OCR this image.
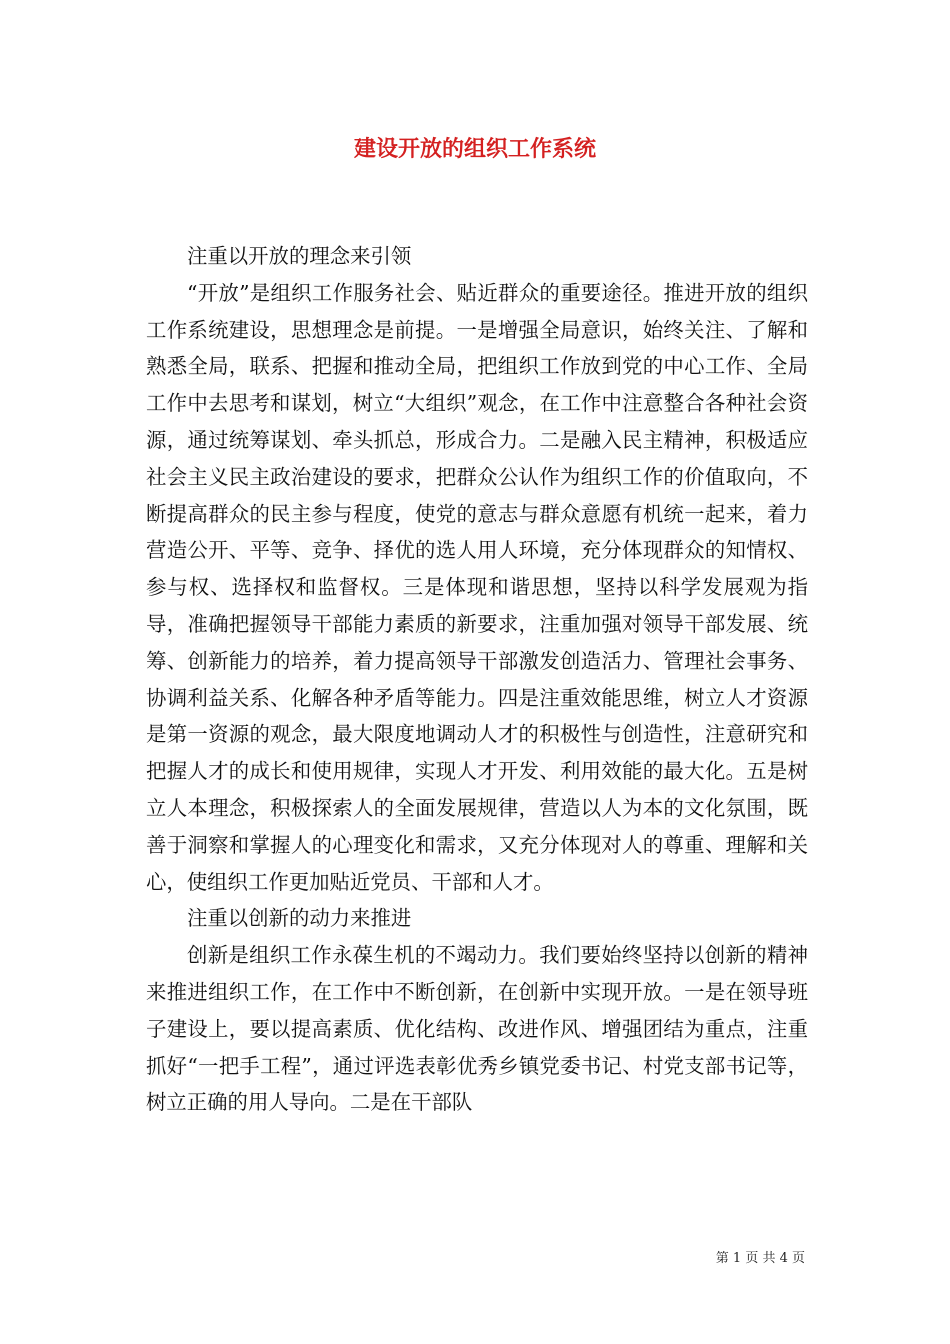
建设开放的组织工作系统

注重以开放的理念来引领

“开放”是组织工作服务社会、贴近群众的重要途径。推进开放的组织工作系统建设，思想理念是前提。一是增强全局意识，始终关注、了解和熟悉全局，联系、把握和推动全局，把组织工作放到党的中心工作、全局工作中去思考和谋划，树立“大组织”观念，在工作中注意整合各种社会资源，通过统筹谋划、牵头抓总，形成合力。二是融入民主精神，积极适应社会主义民主政治建设的要求，把群众公认作为组织工作的价值取向，不断提高群众的民主参与程度，使党的意志与群众意愿有机统一起来，着力营造公开、平等、竞争、择优的选人用人环境，充分体现群众的知情权、参与权、选择权和监督权。三是体现和谐思想，坚持以科学发展观为指导，准确把握领导干部能力素质的新要求，注重加强对领导干部发展、统筹、创新能力的培养，着力提高领导干部激发创造活力、管理社会事务、协调利益关系、化解各种矛盾等能力。四是注重效能思维，树立人才资源是第一资源的观念，最大限度地调动人才的积极性与创造性，注意研究和把握人才的成长和使用规律，实现人才开发、利用效能的最大化。五是树立人本理念，积极探索人的全面发展规律，营造以人为本的文化氛围，既善于洞察和掌握人的心理变化和需求，又充分体现对人的尊重、理解和关心，使组织工作更加贴近党员、干部和人才。

注重以创新的动力来推进

创新是组织工作永葆生机的不竭动力。我们要始终坚持以创新的精神来推进组织工作，在工作中不断创新，在创新中实现开放。一是在领导班子建设上，要以提高素质、优化结构、改进作风、增强团结为重点，注重抓好“一把手工程”，通过评选表彰优秀乡镇党委书记、村党支部书记等，树立正确的用人导向。二是在干部队

第 1 页 共 4 页
